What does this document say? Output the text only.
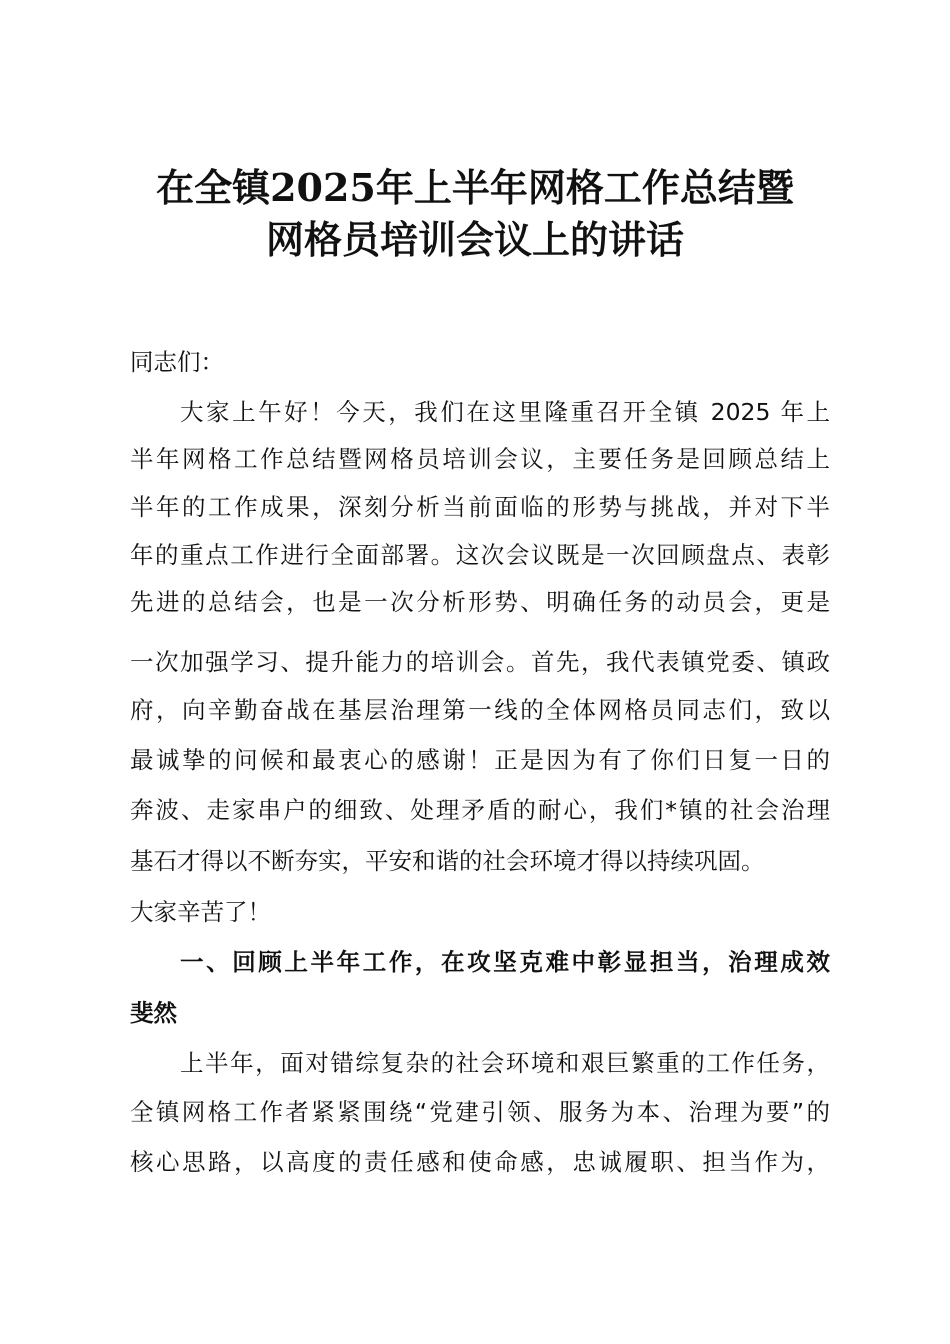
在全镇2025年上半年网格工作总结暨
网格员培训会议上的讲话
同志们：
大家上午好！今天，我们在这里隆重召开全镇 2025 年上
半年网格工作总结暨网格员培训会议，主要任务是回顾总结上
半年的工作成果，深刻分析当前面临的形势与挑战，并对下半
年的重点工作进行全面部署。这次会议既是一次回顾盘点、表彰
先进的总结会，也是一次分析形势、明确任务的动员会，更是
一次加强学习、提升能力的培训会。首先，我代表镇党委、镇政
府，向辛勤奋战在基层治理第一线的全体网格员同志们，致以
最诚挚的问候和最衷心的感谢！正是因为有了你们日复一日的
奔波、走家串户的细致、处理矛盾的耐心，我们*镇的社会治理
基石才得以不断夯实，平安和谐的社会环境才得以持续巩固。
大家辛苦了！
一、回顾上半年工作，在攻坚克难中彰显担当，治理成效
斐然
上半年，面对错综复杂的社会环境和艰巨繁重的工作任务，
全镇网格工作者紧紧围绕“党建引领、服务为本、治理为要”的
核心思路，以高度的责任感和使命感，忠诚履职、担当作为，
